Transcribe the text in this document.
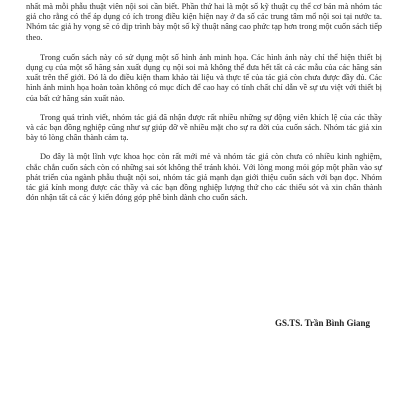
nhất mà mỗi phẫu thuật viên nội soi cần biết. Phần thứ hai là một số kỹ thuật cụ thể cơ bản mà nhóm tác giả cho rằng có thể áp dụng có ích trong điều kiện hiện nay ở đa số các trung tâm mổ nội soi tại nước ta. Nhóm tác giả hy vọng sẽ có dịp trình bày một số kỹ thuật nâng cao phức tạp hơn trong một cuốn sách tiếp theo.

Trong cuốn sách này có sử dụng một số hình ảnh minh họa. Các hình ảnh này chỉ thể hiện thiết bị dụng cụ của một số hãng sản xuất dụng cụ nội soi mà không thể đưa hết tất cả các mẫu của các hãng sản xuất trên thế giới. Đó là do điều kiện tham khảo tài liệu và thực tế của tác giả còn chưa được đầy đủ. Các hình ảnh minh họa hoàn toàn không có mục đích để cao hay có tính chất chỉ dẫn về sự ưu việt với thiết bị của bất cứ hãng sản xuất nào.

Trong quá trình viết, nhóm tác giả đã nhận được rất nhiều những sự động viên khích lệ của các thầy và các bạn đồng nghiệp cũng như sự giúp đỡ về nhiều mặt cho sự ra đời của cuốn sách. Nhóm tác giả xin bày tỏ lòng chân thành cảm tạ.

Do đây là một lĩnh vực khoa học còn rất mới mẻ và nhóm tác giả còn chưa có nhiều kinh nghiệm, chắc chắn cuốn sách còn có những sai sót không thể tránh khỏi. Với lòng mong mỏi góp một phần vào sự phát triển của ngành phẫu thuật nội soi, nhóm tác giả mạnh dạn giới thiệu cuốn sách với bạn đọc. Nhóm tác giả kính mong được các thầy và các bạn đồng nghiệp lượng thứ cho các thiếu sót và xin chân thành đón nhận tất cả các ý kiến đóng góp phê bình dành cho cuốn sách.

GS.TS. Trần Bình Giang
